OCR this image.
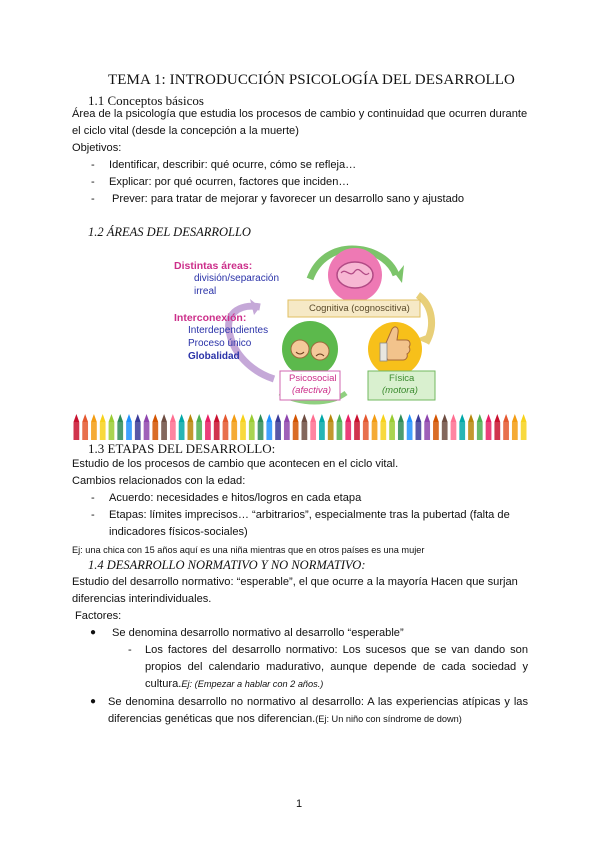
TEMA 1: INTRODUCCIÓN PSICOLOGÍA DEL DESARROLLO
1.1 Conceptos básicos
Área de la psicología que estudia los procesos de cambio y continuidad que ocurren durante
el ciclo vital (desde la concepción a la muerte)
Objetivos:
- Identificar, describir: qué ocurre, cómo se refleja…
- Explicar: por qué ocurren, factores que inciden…
- Prever: para tratar de mejorar y favorecer un desarrollo sano y ajustado
1.2 ÁREAS DEL DESARROLLO
Distintas áreas:
división/separación
irreal
Interconexión:
Interdependientes
Proceso único
Globalidad
Cognitiva (cognoscitiva)
Psicosocial
(afectiva)
Física
(motora)
1.3 ETAPAS DEL DESARROLLO:
Estudio de los procesos de cambio que acontecen en el ciclo vital.
Cambios relacionados con la edad:
- Acuerdo: necesidades e hitos/logros en cada etapa
- Etapas: límites imprecisos… “arbitrarios”, especialmente tras la pubertad (falta de
indicadores físicos-sociales)
Ej: una chica con 15 años aquí es una niña mientras que en otros países es una mujer
1.4 DESARROLLO NORMATIVO Y NO NORMATIVO:
Estudio del desarrollo normativo: “esperable”, el que ocurre a la mayoría Hacen que surjan
diferencias interindividuales.
Factores:
● Se denomina desarrollo normativo al desarrollo “esperable”
- Los factores del desarrollo normativo: Los sucesos que se van dando son
propios del calendario madurativo, aunque depende de cada sociedad y
cultura.Ej: (Empezar a hablar con 2 años.)
● Se denomina desarrollo no normativo al desarrollo: A las experiencias atípicas y las
diferencias genéticas que nos diferencian.(Ej: Un niño con síndrome de down)
1
